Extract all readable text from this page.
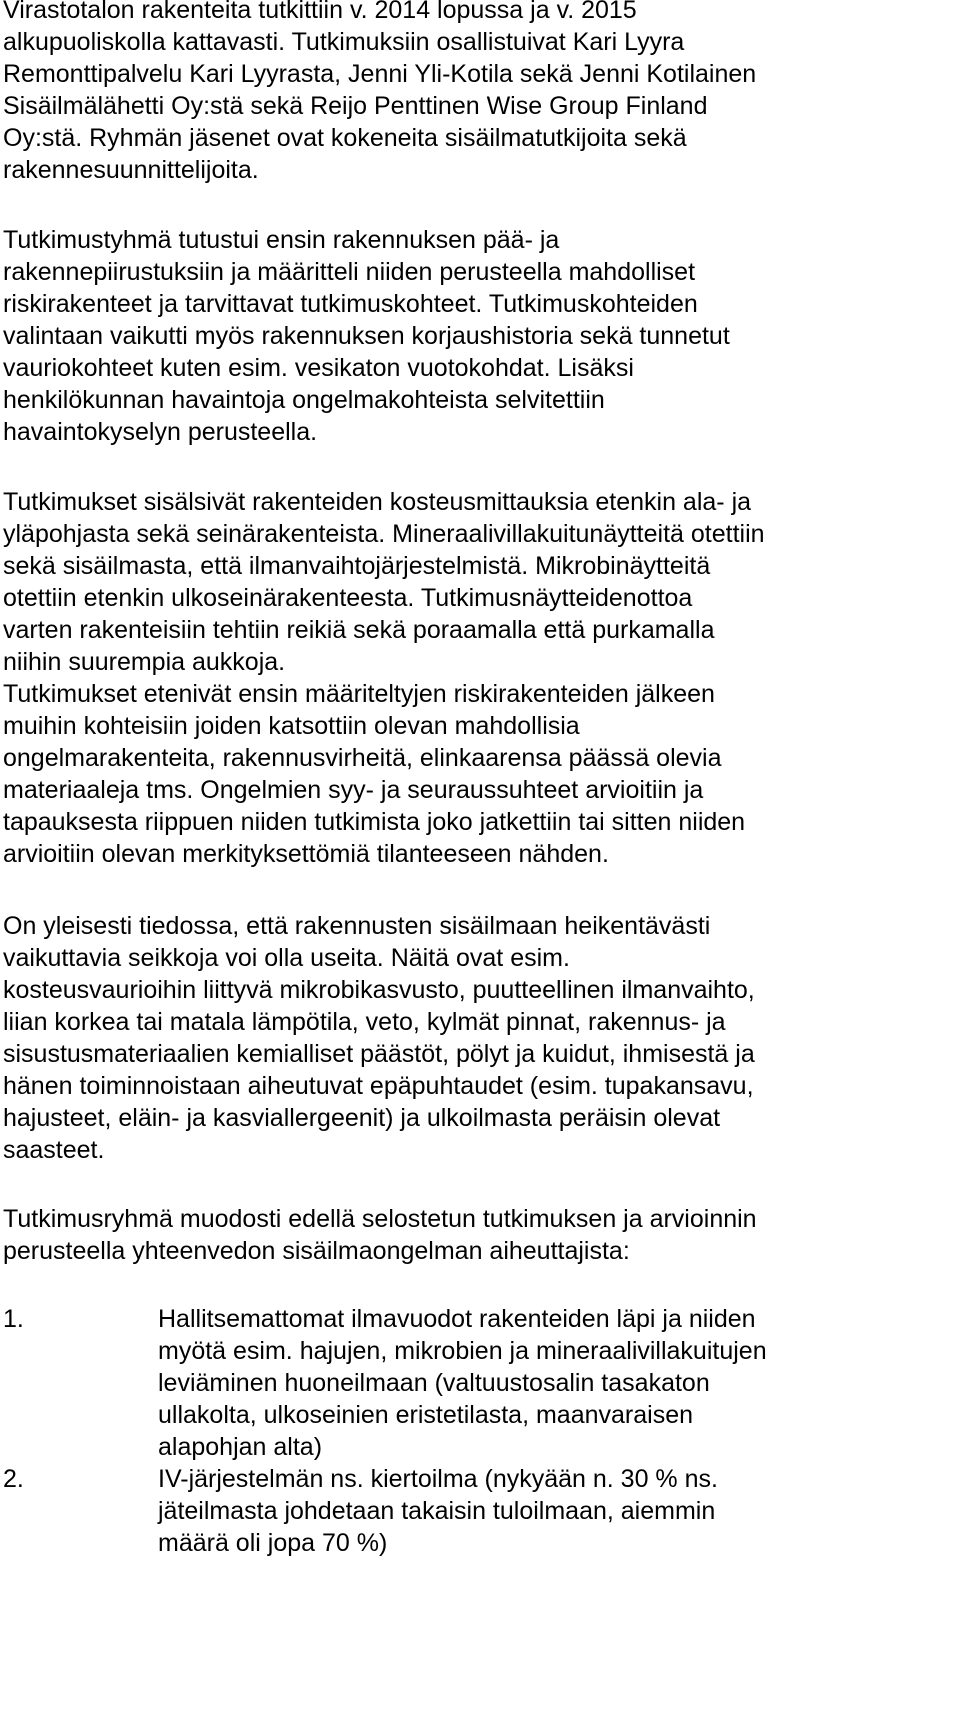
Virastotalon rakenteita tutkittiin v. 2014 lopussa ja v. 2015
alkupuoliskolla kattavasti. Tutkimuksiin osallistuivat Kari Lyyra
Remonttipalvelu Kari Lyyrasta, Jenni Yli-Kotila sekä Jenni Kotilainen
Sisäilmälähetti Oy:stä sekä Reijo Penttinen Wise Group Finland
Oy:stä. Ryhmän jäsenet ovat kokeneita sisäilmatutkijoita sekä
rakennesuunnittelijoita.
Tutkimustyhmä tutustui ensin rakennuksen pää- ja
rakennepiirustuksiin ja määritteli niiden perusteella mahdolliset
riskirakenteet ja tarvittavat tutkimuskohteet. Tutkimuskohteiden
valintaan vaikutti myös rakennuksen korjaushistoria sekä tunnetut
vauriokohteet kuten esim. vesikaton vuotokohdat. Lisäksi
henkilökunnan havaintoja ongelmakohteista selvitettiin
havaintokyselyn perusteella.
Tutkimukset sisälsivät rakenteiden kosteusmittauksia etenkin ala- ja
yläpohjasta sekä seinärakenteista. Mineraalivillakuitunäytteitä otettiin
sekä sisäilmasta, että ilmanvaihtojärjestelmistä. Mikrobinäytteitä
otettiin etenkin ulkoseinärakenteesta. Tutkimusnäytteidenottoa
varten rakenteisiin tehtiin reikiä sekä poraamalla että purkamalla
niihin suurempia aukkoja.
Tutkimukset etenivät ensin määriteltyjen riskirakenteiden jälkeen
muihin kohteisiin joiden katsottiin olevan mahdollisia
ongelmarakenteita, rakennusvirheitä, elinkaarensa päässä olevia
materiaaleja tms. Ongelmien syy- ja seuraussuhteet arvioitiin ja
tapauksesta riippuen niiden tutkimista joko jatkettiin tai sitten niiden
arvioitiin olevan merkityksettömiä tilanteeseen nähden.
On yleisesti tiedossa, että rakennusten sisäilmaan heikentävästi
vaikuttavia seikkoja voi olla useita. Näitä ovat esim.
kosteusvaurioihin liittyvä mikrobikasvusto, puutteellinen ilmanvaihto,
liian korkea tai matala lämpötila, veto, kylmät pinnat, rakennus- ja
sisustusmateriaalien kemialliset päästöt, pölyt ja kuidut, ihmisestä ja
hänen toiminnoistaan aiheutuvat epäpuhtaudet (esim. tupakansavu,
hajusteet, eläin- ja kasviallergeenit) ja ulkoilmasta peräisin olevat
saasteet.
Tutkimusryhmä muodosti edellä selostetun tutkimuksen ja arvioinnin
perusteella yhteenvedon sisäilmaongelman aiheuttajista:
1.	Hallitsemattomat ilmavuodot rakenteiden läpi ja niiden
myötä esim. hajujen, mikrobien ja mineraalivillakuitujen
leviäminen huoneilmaan (valtuustosalin tasakaton
ullakolta, ulkoseinien eristetilasta, maanvaraisen
alapohjan alta)
2.	IV-järjestelmän ns. kiertoilma (nykyään n. 30 % ns.
jäteilmasta johdetaan takaisin tuloilmaan, aiemmin
määrä oli jopa 70 %)
